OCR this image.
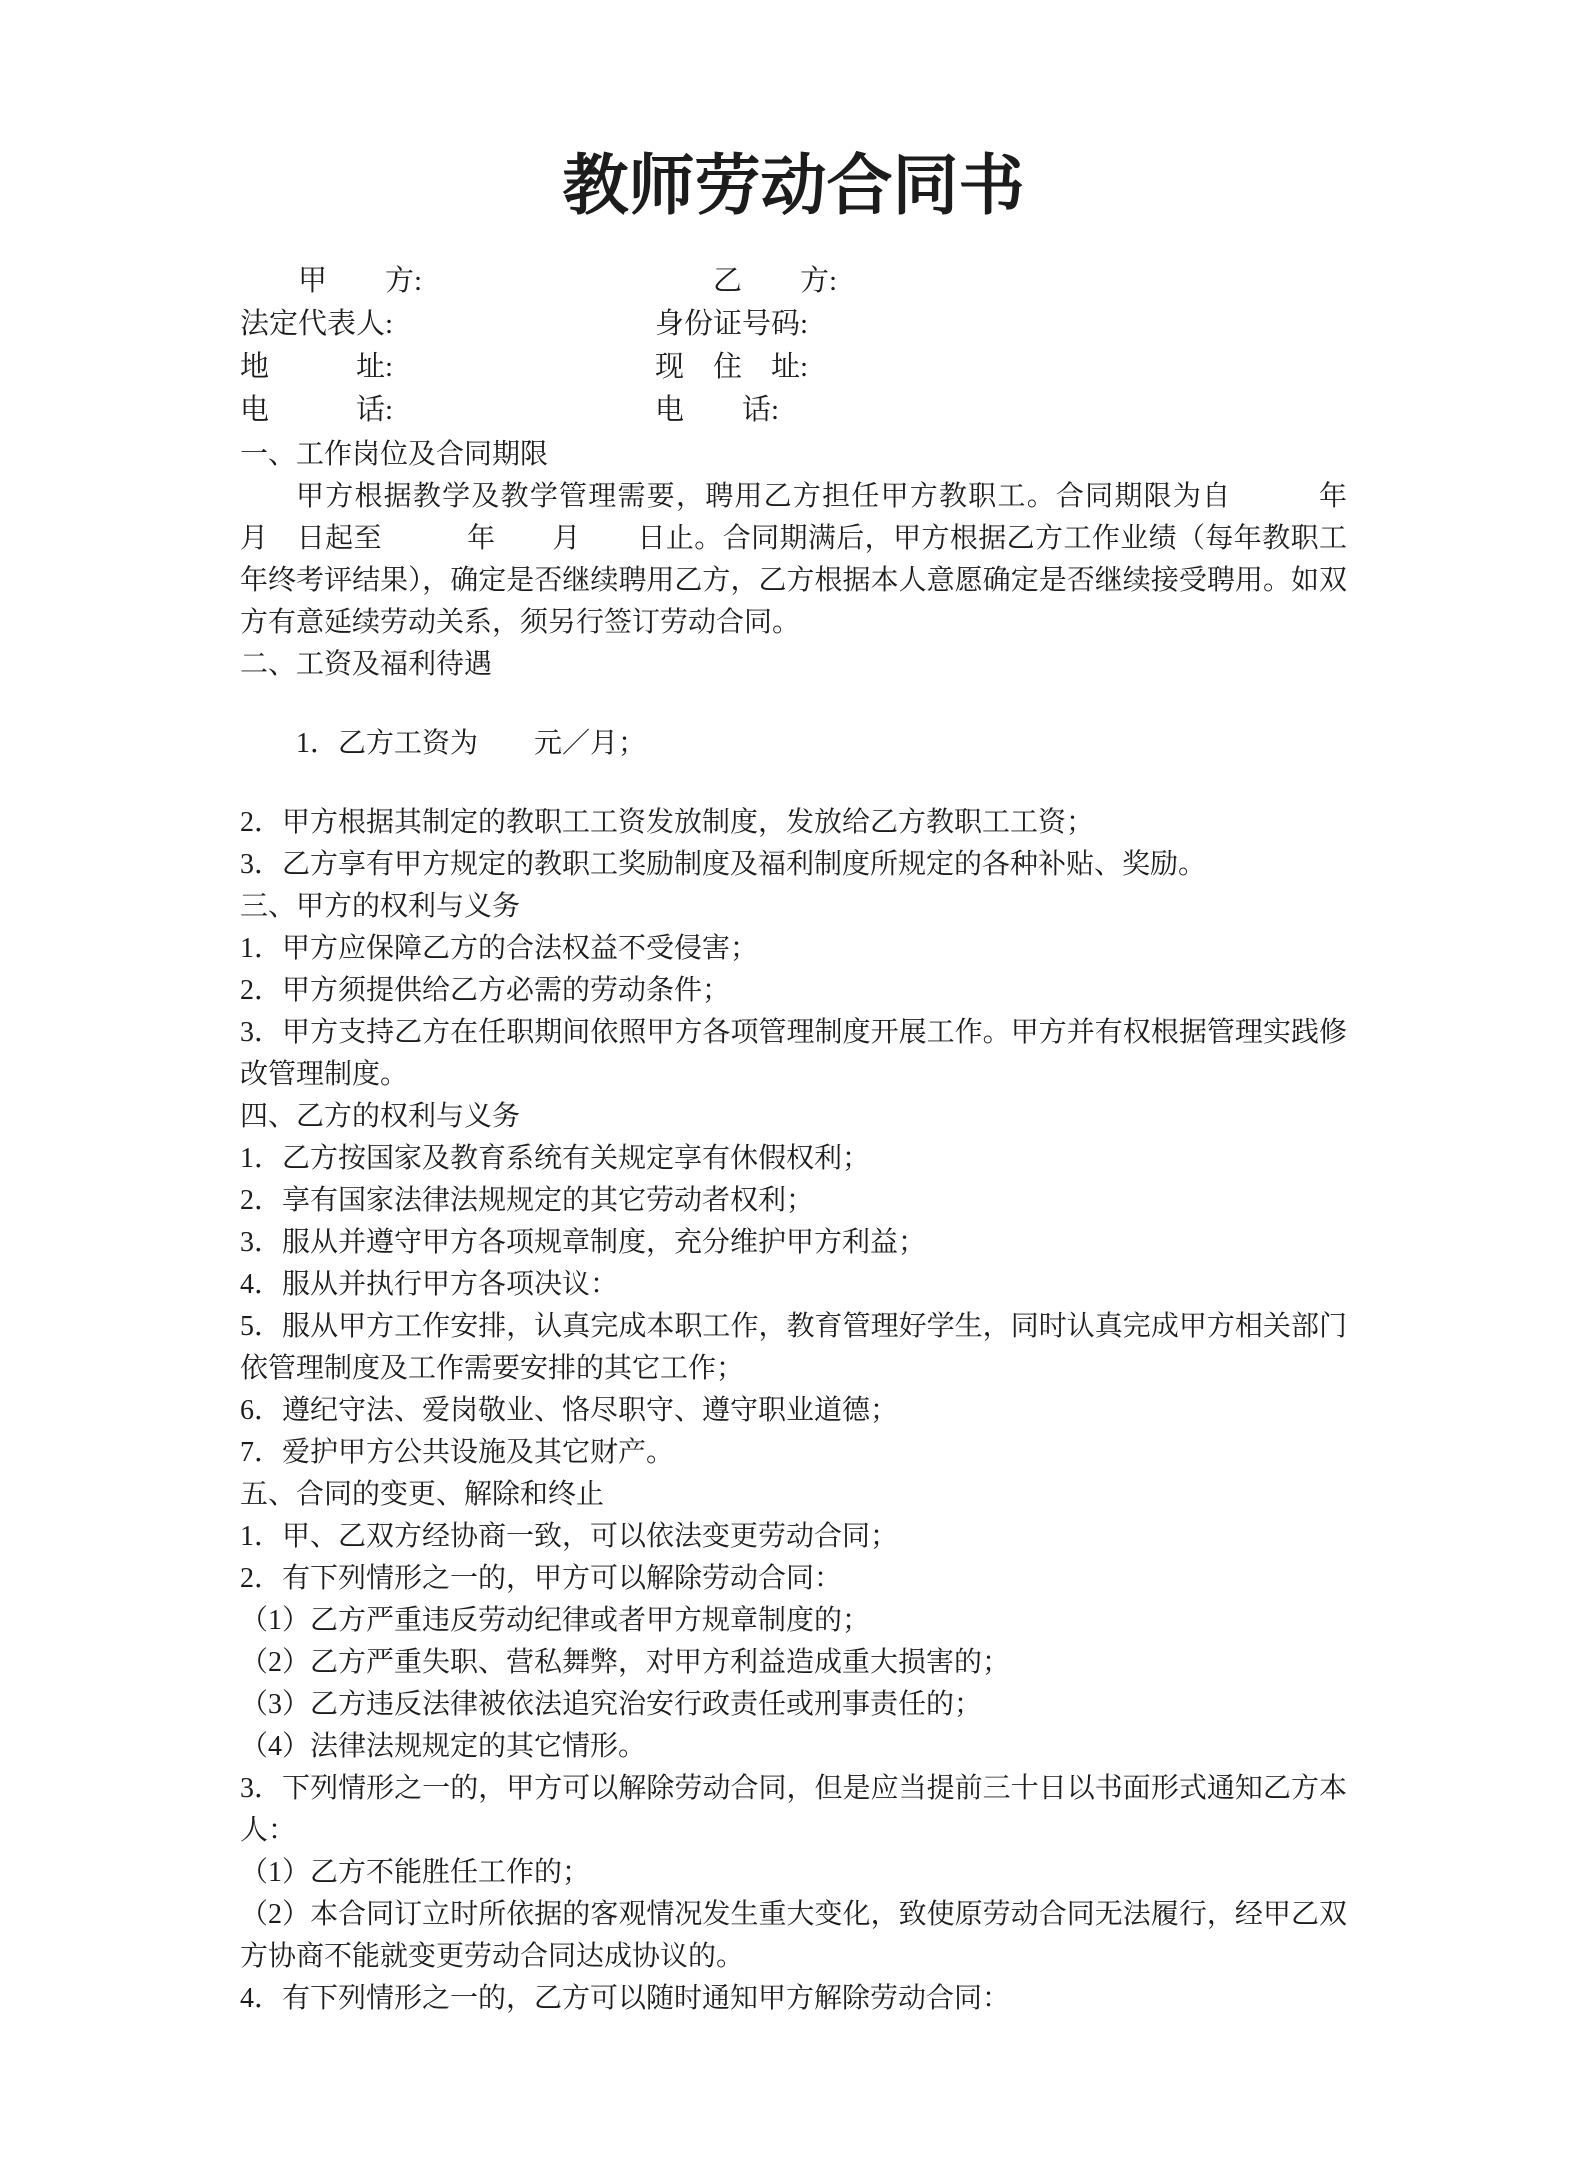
教师劳动合同书
　　甲　　方:	　　乙　　方:
法定代表人:	身份证号码:
地　　　址:	现　住　址:
电　　　话:	电　　话:
一、工作岗位及合同期限
甲方根据教学及教学管理需要，聘用乙方担任甲方教职工。合同期限为自　　　年　　月　日起至　　　年　　月　　日止。合同期满后，甲方根据乙方工作业绩（每年教职工年终考评结果），确定是否继续聘用乙方，乙方根据本人意愿确定是否继续接受聘用。如双方有意延续劳动关系，须另行签订劳动合同。
二、工资及福利待遇
1．乙方工资为　　元／月；
2．甲方根据其制定的教职工工资发放制度，发放给乙方教职工工资；
3．乙方享有甲方规定的教职工奖励制度及福利制度所规定的各种补贴、奖励。
三、甲方的权利与义务
1．甲方应保障乙方的合法权益不受侵害；
2．甲方须提供给乙方必需的劳动条件；
3．甲方支持乙方在任职期间依照甲方各项管理制度开展工作。甲方并有权根据管理实践修改管理制度。
四、乙方的权利与义务
1．乙方按国家及教育系统有关规定享有休假权利；
2．享有国家法律法规规定的其它劳动者权利；
3．服从并遵守甲方各项规章制度，充分维护甲方利益；
4．服从并执行甲方各项决议：
5．服从甲方工作安排，认真完成本职工作，教育管理好学生，同时认真完成甲方相关部门依管理制度及工作需要安排的其它工作；
6．遵纪守法、爱岗敬业、恪尽职守、遵守职业道德；
7．爱护甲方公共设施及其它财产。
五、合同的变更、解除和终止
1．甲、乙双方经协商一致，可以依法变更劳动合同；
2．有下列情形之一的，甲方可以解除劳动合同：
（1）乙方严重违反劳动纪律或者甲方规章制度的；
（2）乙方严重失职、营私舞弊，对甲方利益造成重大损害的；
（3）乙方违反法律被依法追究治安行政责任或刑事责任的；
（4）法律法规规定的其它情形。
3．下列情形之一的，甲方可以解除劳动合同，但是应当提前三十日以书面形式通知乙方本人：
（1）乙方不能胜任工作的；
（2）本合同订立时所依据的客观情况发生重大变化，致使原劳动合同无法履行，经甲乙双方协商不能就变更劳动合同达成协议的。
4．有下列情形之一的，乙方可以随时通知甲方解除劳动合同：
